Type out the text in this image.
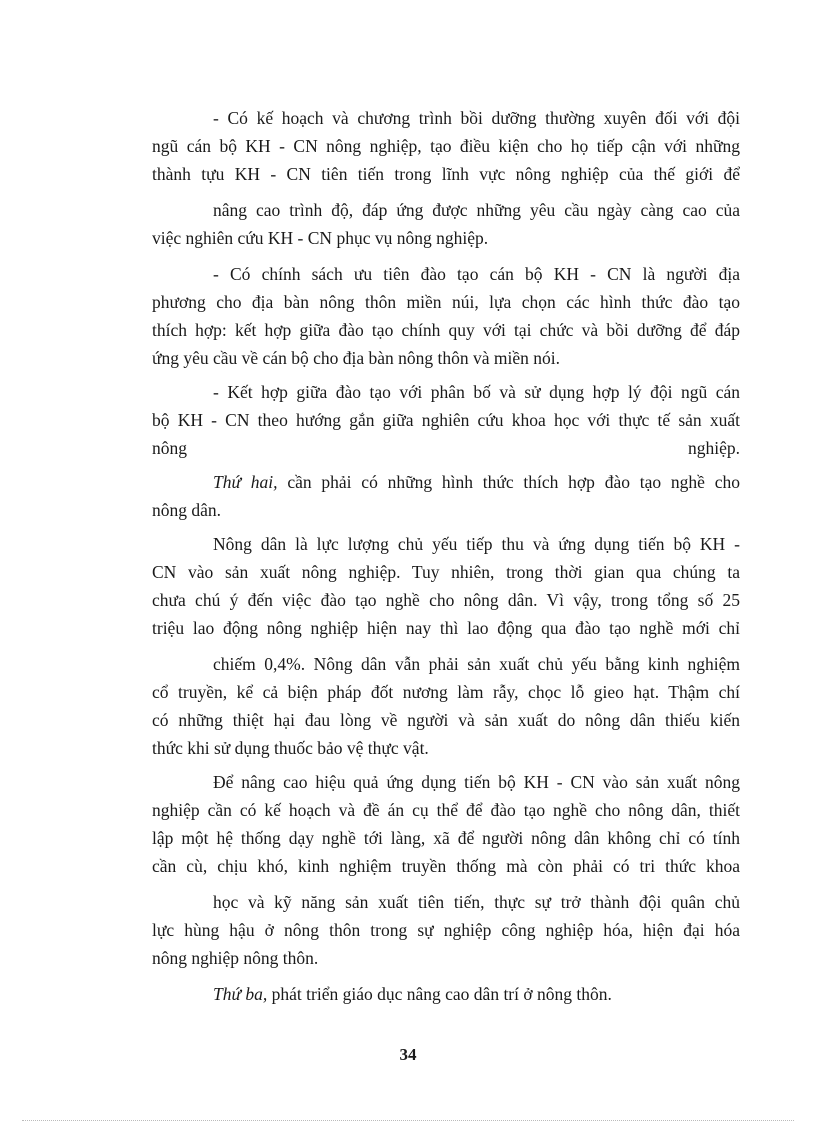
- Có kế hoạch và chương trình bồi dưỡng thường xuyên đối với đội
ngũ cán bộ KH - CN nông nghiệp, tạo điều kiện cho họ tiếp cận với những
thành tựu KH - CN tiên tiến trong lĩnh vực nông nghiệp của thế giới để
nâng cao trình độ, đáp ứng được những yêu cầu ngày càng cao của
việc nghiên cứu KH - CN phục vụ nông nghiệp.
- Có chính sách ưu tiên đào tạo cán bộ KH - CN là người địa
phương cho địa bàn nông thôn miền núi, lựa chọn các hình thức đào tạo
thích hợp: kết hợp giữa đào tạo chính quy với tại chức và bồi dưỡng để đáp
ứng yêu cầu về cán bộ cho địa bàn nông thôn và miền nói.
- Kết hợp giữa đào tạo với phân bố và sử dụng hợp lý đội ngũ cán
bộ KH - CN theo hướng gắn giữa nghiên cứu khoa học với thực tế sản xuất
nông	nghiệp.
Thứ hai, cần phải có những hình thức thích hợp đào tạo nghề cho
nông dân.
Nông dân là lực lượng chủ yếu tiếp thu và ứng dụng tiến bộ KH -
CN vào sản xuất nông nghiệp. Tuy nhiên, trong thời gian qua chúng ta
chưa chú ý đến việc đào tạo nghề cho nông dân. Vì vậy, trong tổng số 25
triệu lao động nông nghiệp hiện nay thì lao động qua đào tạo nghề mới chỉ
chiếm 0,4%. Nông dân vẫn phải sản xuất chủ yếu bằng kinh nghiệm
cổ truyền, kể cả biện pháp đốt nương làm rẫy, chọc lỗ gieo hạt. Thậm chí
có những thiệt hại đau lòng về người và sản xuất do nông dân thiếu kiến
thức khi sử dụng thuốc bảo vệ thực vật.
Để nâng cao hiệu quả ứng dụng tiến bộ KH - CN vào sản xuất nông
nghiệp cần có kế hoạch và đề án cụ thể để đào tạo nghề cho nông dân, thiết
lập một hệ thống dạy nghề tới làng, xã để người nông dân không chỉ có tính
cần cù, chịu khó, kinh nghiệm truyền thống mà còn phải có tri thức khoa
học và kỹ năng sản xuất tiên tiến, thực sự trở thành đội quân chủ
lực hùng hậu ở nông thôn trong sự nghiệp công nghiệp hóa, hiện đại hóa
nông nghiệp nông thôn.
Thứ ba, phát triển giáo dục nâng cao dân trí ở nông thôn.
34
